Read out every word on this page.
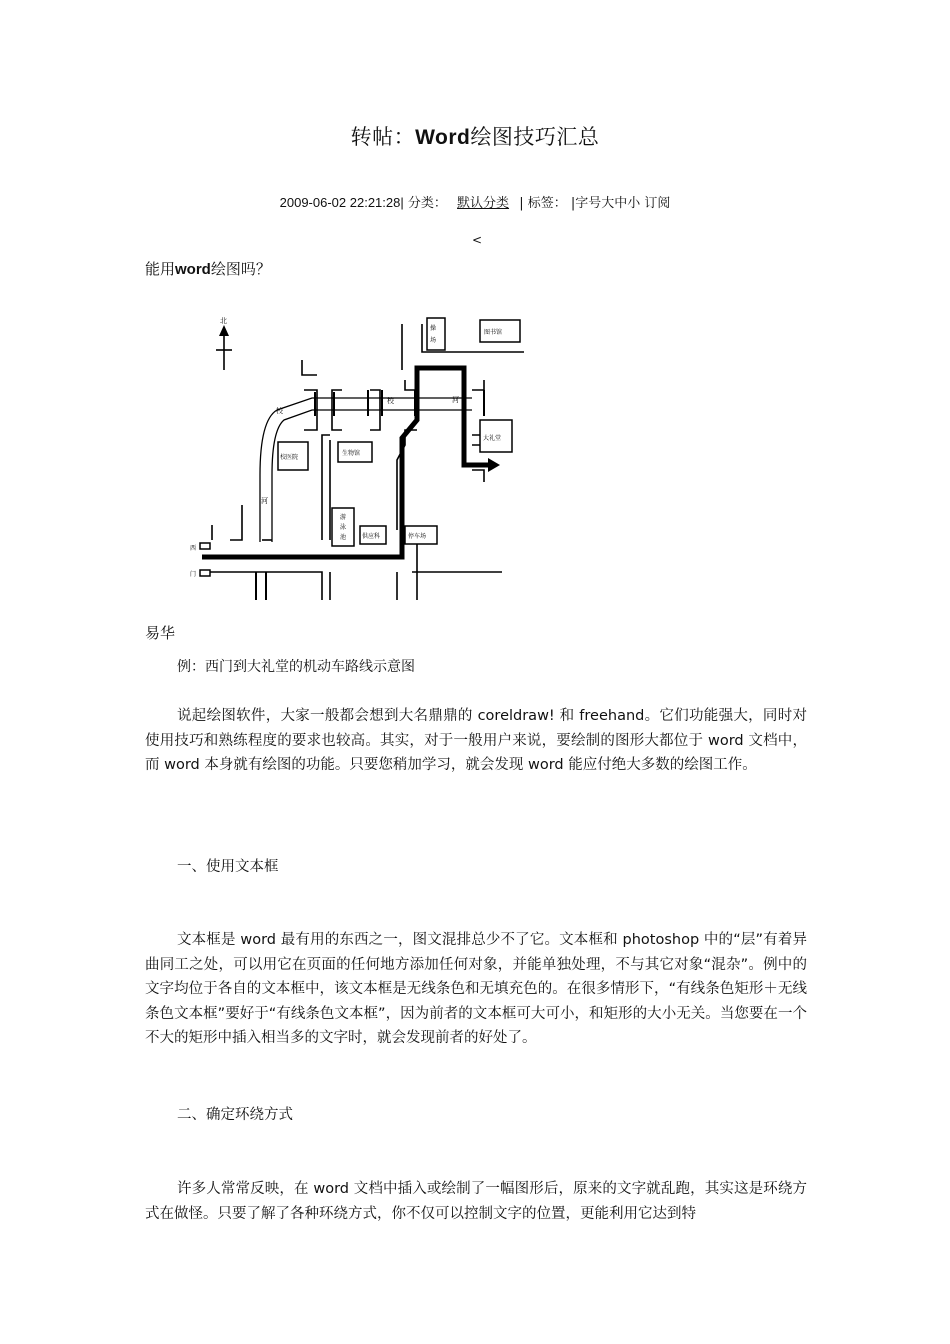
转帖：Word绘图技巧汇总
2009-06-02 22:21:28| 分类： 默认分类 | 标签： |字号大中小 订阅
<
能用word绘图吗？
北
校
河
校	河
操
场
图书馆
校医院
生物馆
大礼堂
游
泳
池	供应科	停车场
西
门
易华
例：西门到大礼堂的机动车路线示意图
说起绘图软件，大家一般都会想到大名鼎鼎的 coreldraw! 和 freehand。它们功能强大，同时对使用技巧和熟练程度的要求也较高。其实，对于一般用户来说，要绘制的图形大都位于 word 文档中，而 word 本身就有绘图的功能。只要您稍加学习，就会发现 word 能应付绝大多数的绘图工作。
一、使用文本框
文本框是 word 最有用的东西之一，图文混排总少不了它。文本框和 photoshop 中的“层”有着异曲同工之处，可以用它在页面的任何地方添加任何对象，并能单独处理，不与其它对象“混杂”。例中的文字均位于各自的文本框中，该文本框是无线条色和无填充色的。在很多情形下，“有线条色矩形＋无线条色文本框”要好于“有线条色文本框”，因为前者的文本框可大可小，和矩形的大小无关。当您要在一个不大的矩形中插入相当多的文字时，就会发现前者的好处了。
二、确定环绕方式
许多人常常反映，在 word 文档中插入或绘制了一幅图形后，原来的文字就乱跑，其实这是环绕方式在做怪。只要了解了各种环绕方式，你不仅可以控制文字的位置，更能利用它达到特
